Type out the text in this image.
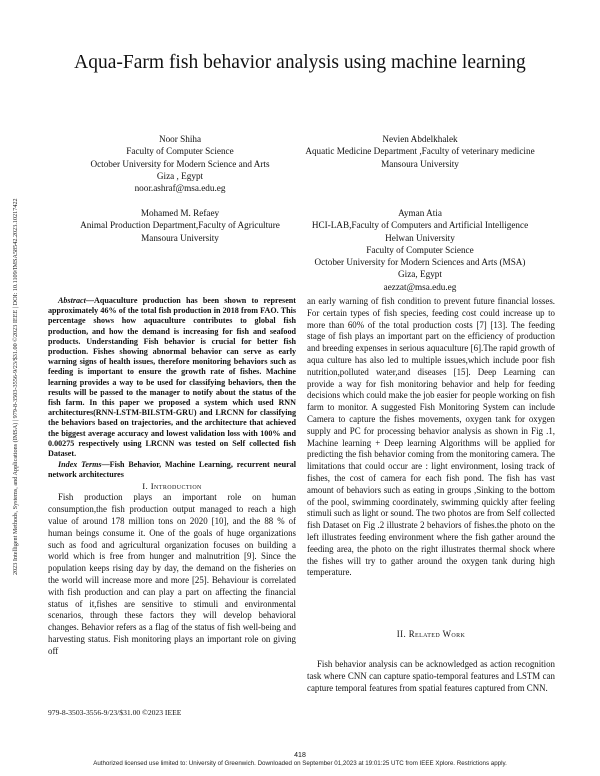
Aqua-Farm fish behavior analysis using machine learning
Noor Shiha
Faculty of Computer Science
October University for Modern Science and Arts
Giza , Egypt
noor.ashraf@msa.edu.eg
Nevien Abdelkhalek
Aquatic Medicine Department ,Faculty of veterinary medicine
Mansoura University
Mohamed M. Refaey
Animal Production Department,Faculty of Agriculture
Mansoura University
Ayman Atia
HCI-LAB,Faculty of Computers and Artificial Intelligence
Helwan University
Faculty of Computer Science
October University for Modern Sciences and Arts (MSA)
Giza, Egypt
aezzat@msa.edu.eg
2023 Intelligent Methods, Systems, and Applications (IMSA) | 979-8-3503-3556-9/23/$31.00 ©2023 IEEE | DOI: 10.1109/IMSA58542.2023.10217422	Abstract—Aquaculture production has been shown to represent approximately 46% of the total fish production in 2018 from FAO. This percentage shows how aquaculture contributes to global fish production, and how the demand is increasing for fish and seafood products. Understanding Fish behavior is crucial for better fish production. Fishes showing abnormal behavior can serve as early warning signs of health issues, therefore monitoring behaviors such as feeding is important to ensure the growth rate of fishes. Machine learning provides a way to be used for classifying behaviors, then the results will be passed to the manager to notify about the status of the fish farm. In this paper we proposed a system which used RNN architectures(RNN-LSTM-BILSTM-GRU) and LRCNN for classifying the behaviors based on trajectories, and the architecture that achieved the biggest average accuracy and lowest validation loss with 100% and 0.00275 respectively using LRCNN was tested on Self collected fish Dataset.

Index Terms—Fish Behavior, Machine Learning, recurrent neural network architectures

I. Introduction

Fish production plays an important role on human consumption,the fish production output managed to reach a high value of around 178 million tons on 2020 [10], and the 88 % of human beings consume it. One of the goals of huge organizations such as food and agricultural organization focuses on building a world which is free from hunger and malnutrition [9]. Since the population keeps rising day by day, the demand on the fisheries on the world will increase more and more [25]. Behaviour is correlated with fish production and can play a part on affecting the financial status of it,fishes are sensitive to stimuli and environmental scenarios, through these factors they will develop behavioral changes. Behavior refers as a flag of the status of fish well-being and harvesting status. Fish monitoring plays an important role on giving off

an early warning of fish condition to prevent future financial losses. For certain types of fish species, feeding cost could increase up to more than 60% of the total production costs [7] [13]. The feeding stage of fish plays an important part on the efficiency of production and breeding expenses in serious aquaculture [6].The rapid growth of aqua culture has also led to multiple issues,which include poor fish nutrition,polluted water,and diseases [15]. Deep Learning can provide a way for fish monitoring behavior and help for feeding decisions which could make the job easier for people working on fish farm to monitor. A suggested Fish Monitoring System can include Camera to capture the fishes movements, oxygen tank for oxygen supply and PC for processing behavior analysis as shown in Fig .1, Machine learning + Deep learning Algorithms will be applied for predicting the fish behavior coming from the monitoring camera. The limitations that could occur are : light environment, losing track of fishes, the cost of camera for each fish pond. The fish has vast amount of behaviors such as eating in groups ,Sinking to the bottom of the pool, swimming coordinately, swimming quickly after feeling stimuli such as light or sound. The two photos are from Self collected fish Dataset on Fig .2 illustrate 2 behaviors of fishes.the photo on the left illustrates feeding environment where the fish gather around the feeding area, the photo on the right illustrates thermal shock where the fishes will try to gather around the oxygen tank during high temperature.

II. Related Work

Fish behavior analysis can be acknowledged as action recognition task where CNN can capture spatio-temporal features and LSTM can capture temporal features from spatial features captured from CNN.

979-8-3503-3556-9/23/$31.00 ©2023 IEEE
418
Authorized licensed use limited to: University of Greenwich. Downloaded on September 01,2023 at 19:01:25 UTC from IEEE Xplore. Restrictions apply.
